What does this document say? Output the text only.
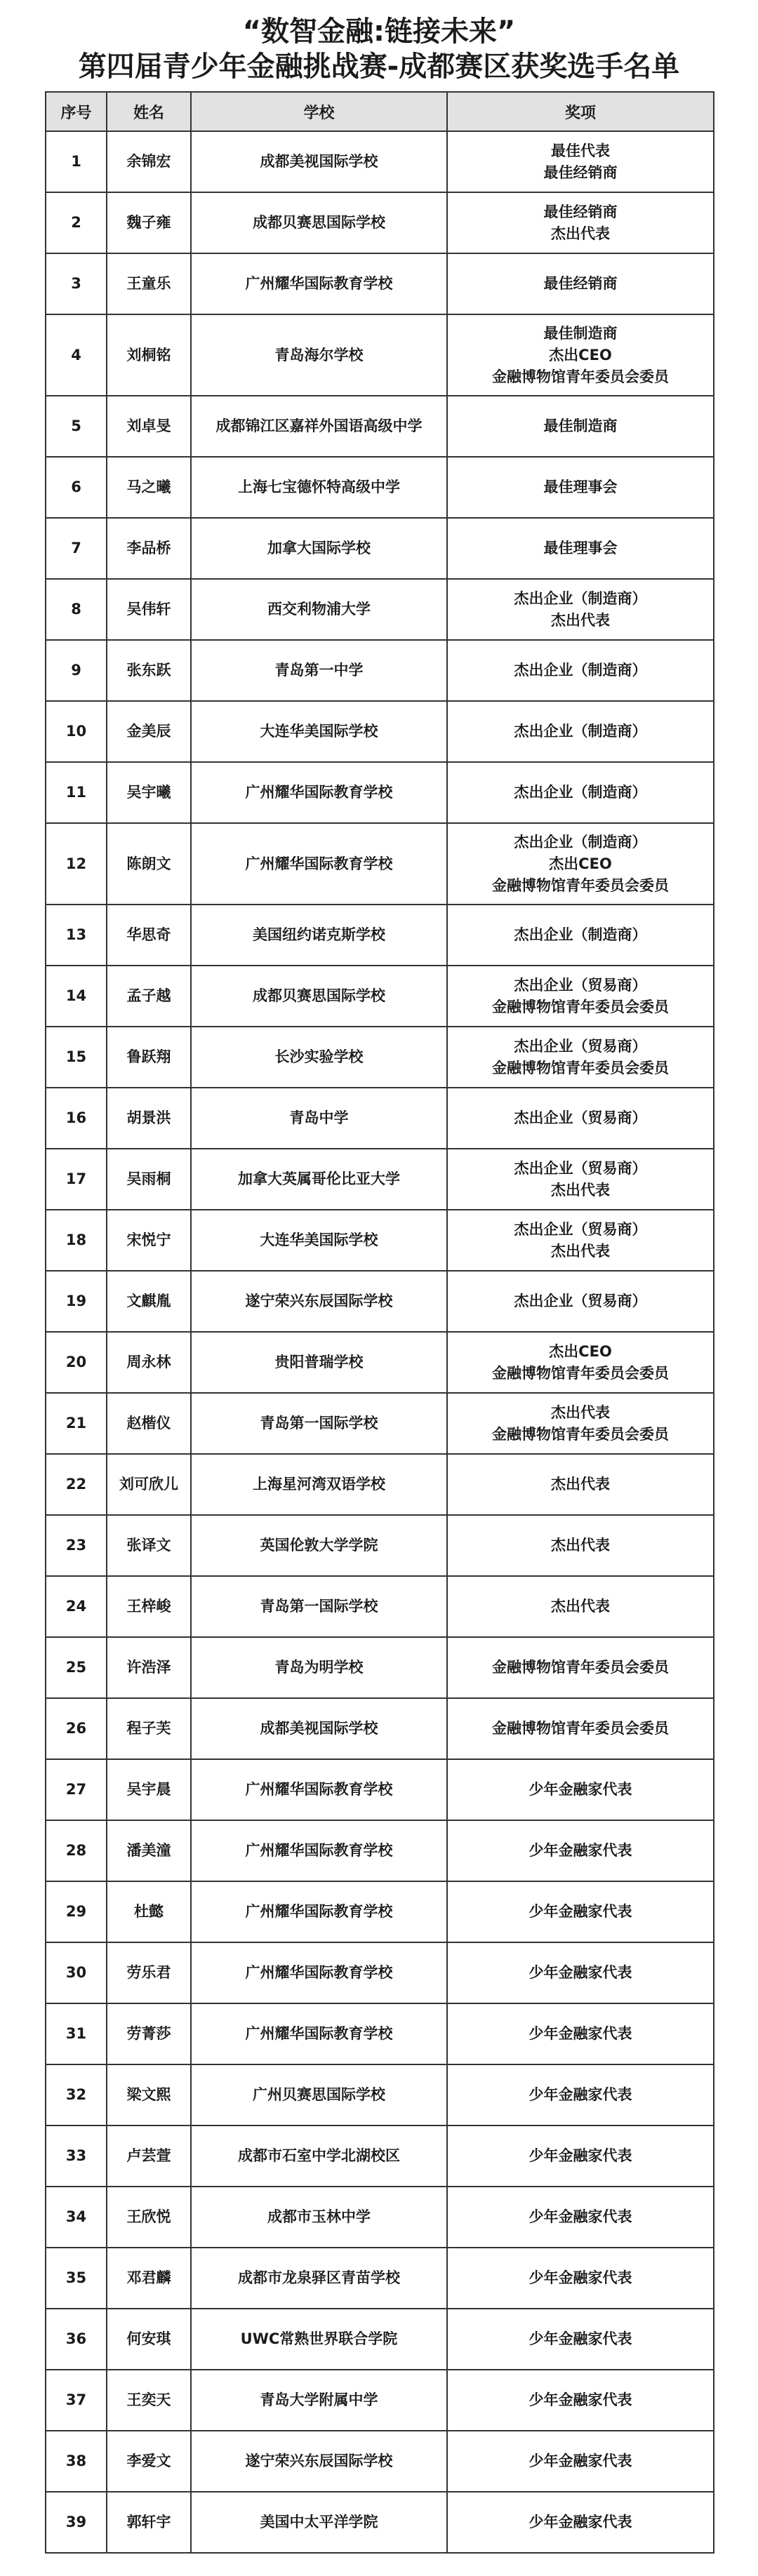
“数智金融:链接未来”
第四届青少年金融挑战赛-成都赛区获奖选手名单
序号	姓名	学校	奖项
1	余锦宏	成都美视国际学校	最佳代表
最佳经销商

2	魏子雍	成都贝赛思国际学校	最佳经销商
杰出代表

3	王童乐	广州耀华国际教育学校	最佳经销商

4	刘桐铭	青岛海尔学校	最佳制造商
杰出CEO
金融博物馆青年委员会委员

5	刘卓旻	成都锦江区嘉祥外国语高级中学	最佳制造商

6	马之曦	上海七宝德怀特高级中学	最佳理事会

7	李品桥	加拿大国际学校	最佳理事会

8	吴伟轩	西交利物浦大学	杰出企业（制造商）
杰出代表

9	张东跃	青岛第一中学	杰出企业（制造商）

10	金美辰	大连华美国际学校	杰出企业（制造商）

11	吴宇曦	广州耀华国际教育学校	杰出企业（制造商）

12	陈朗文	广州耀华国际教育学校	杰出企业（制造商）
杰出CEO
金融博物馆青年委员会委员

13	华思奇	美国纽约诺克斯学校	杰出企业（制造商）

14	孟子越	成都贝赛思国际学校	杰出企业（贸易商）
金融博物馆青年委员会委员

15	鲁跃翔	长沙实验学校	杰出企业（贸易商）
金融博物馆青年委员会委员

16	胡景洪	青岛中学	杰出企业（贸易商）

17	吴雨桐	加拿大英属哥伦比亚大学	杰出企业（贸易商）
杰出代表

18	宋悦宁	大连华美国际学校	杰出企业（贸易商）
杰出代表

19	文麒胤	遂宁荣兴东辰国际学校	杰出企业（贸易商）

20	周永林	贵阳普瑞学校	杰出CEO
金融博物馆青年委员会委员

21	赵楷仪	青岛第一国际学校	杰出代表
金融博物馆青年委员会委员

22	刘可欣儿	上海星河湾双语学校	杰出代表

23	张译文	英国伦敦大学学院	杰出代表

24	王梓峻	青岛第一国际学校	杰出代表

25	许浩泽	青岛为明学校	金融博物馆青年委员会委员

26	程子芙	成都美视国际学校	金融博物馆青年委员会委员

27	吴宇晨	广州耀华国际教育学校	少年金融家代表

28	潘美潼	广州耀华国际教育学校	少年金融家代表

29	杜懿	广州耀华国际教育学校	少年金融家代表

30	劳乐君	广州耀华国际教育学校	少年金融家代表

31	劳菁莎	广州耀华国际教育学校	少年金融家代表

32	梁文熙	广州贝赛思国际学校	少年金融家代表

33	卢芸萱	成都市石室中学北湖校区	少年金融家代表

34	王欣悦	成都市玉林中学	少年金融家代表

35	邓君麟	成都市龙泉驿区青苗学校	少年金融家代表

36	何安琪	UWC常熟世界联合学院	少年金融家代表

37	王奕天	青岛大学附属中学	少年金融家代表

38	李爱文	遂宁荣兴东辰国际学校	少年金融家代表

39	郭轩宇	美国中太平洋学院	少年金融家代表
